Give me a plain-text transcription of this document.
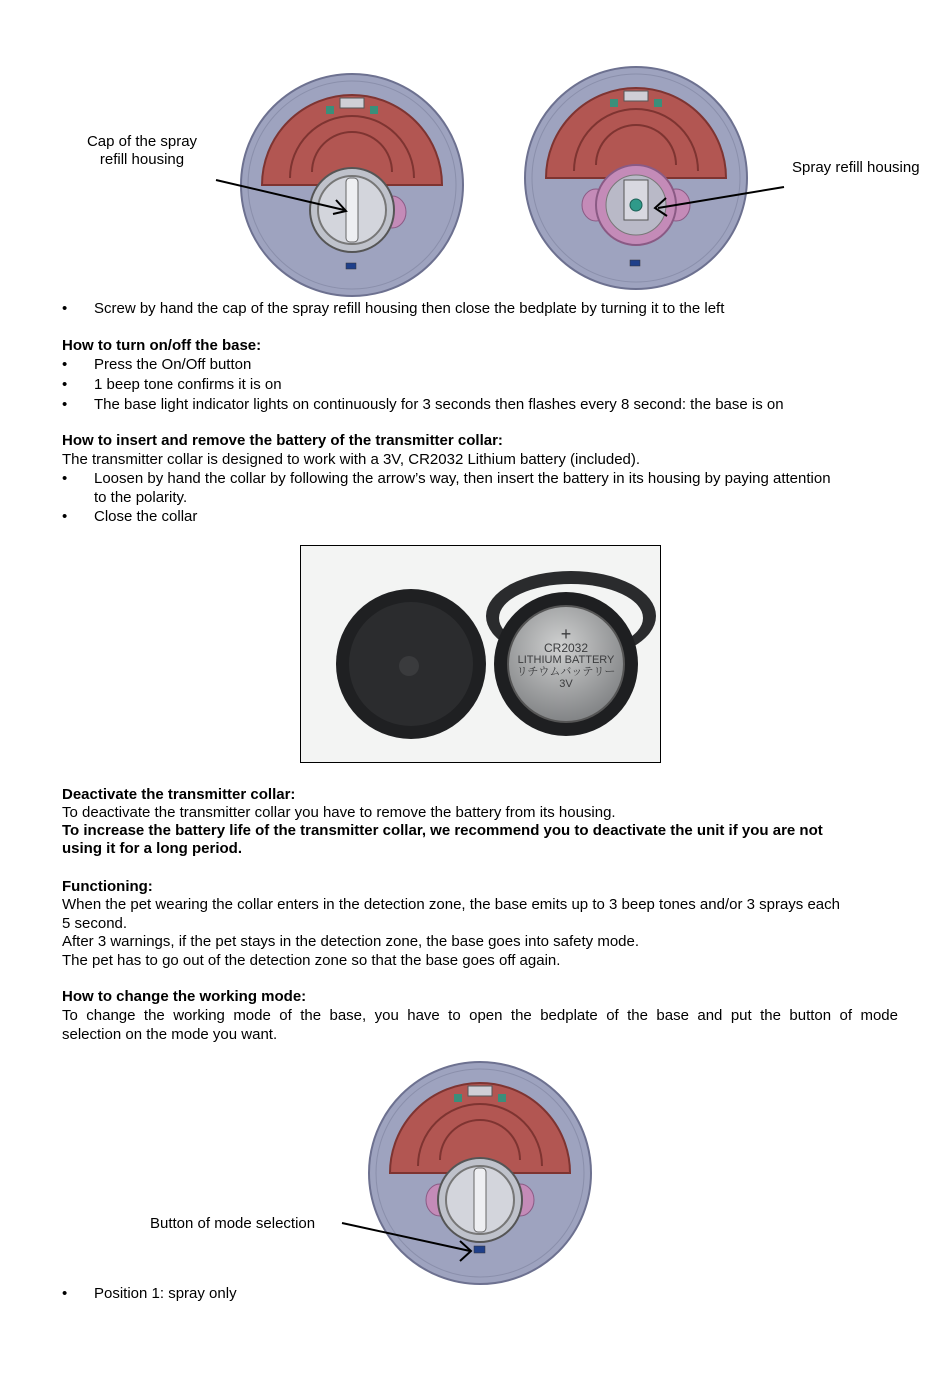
Cap of the spray
refill housing	Spray refill housing
• Screw by hand the cap of the spray refill housing then close the bedplate by turning it to the left
How to turn on/off the base:
• Press the On/Off button
• 1 beep tone confirms it is on
• The base light indicator lights on continuously for 3 seconds then flashes every 8 second: the base is on
How to insert and remove the battery of the transmitter collar:
The transmitter collar is designed to work with a 3V, CR2032 Lithium battery (included).
• Loosen by hand the collar by following the arrow’s way, then insert the battery in its housing by paying attention
to the polarity.
• Close the collar
+
CR2032
LITHIUM BATTERY
リチウムバッテリー
3V
Deactivate the transmitter collar:
To deactivate the transmitter collar you have to remove the battery from its housing.
To increase the battery life of the transmitter collar, we recommend you to deactivate the unit if you are not
using it for a long period.
Functioning:
When the pet wearing the collar enters in the detection zone, the base emits up to 3 beep tones and/or 3 sprays each
5 second.
After 3 warnings, if the pet stays in the detection zone, the base goes into safety mode.
The pet has to go out of the detection zone so that the base goes off again.
How to change the working mode:
To change the working mode of the base, you have to open the bedplate of the base and put the button of mode
selection on the mode you want.
Button of mode selection
• Position 1: spray only
